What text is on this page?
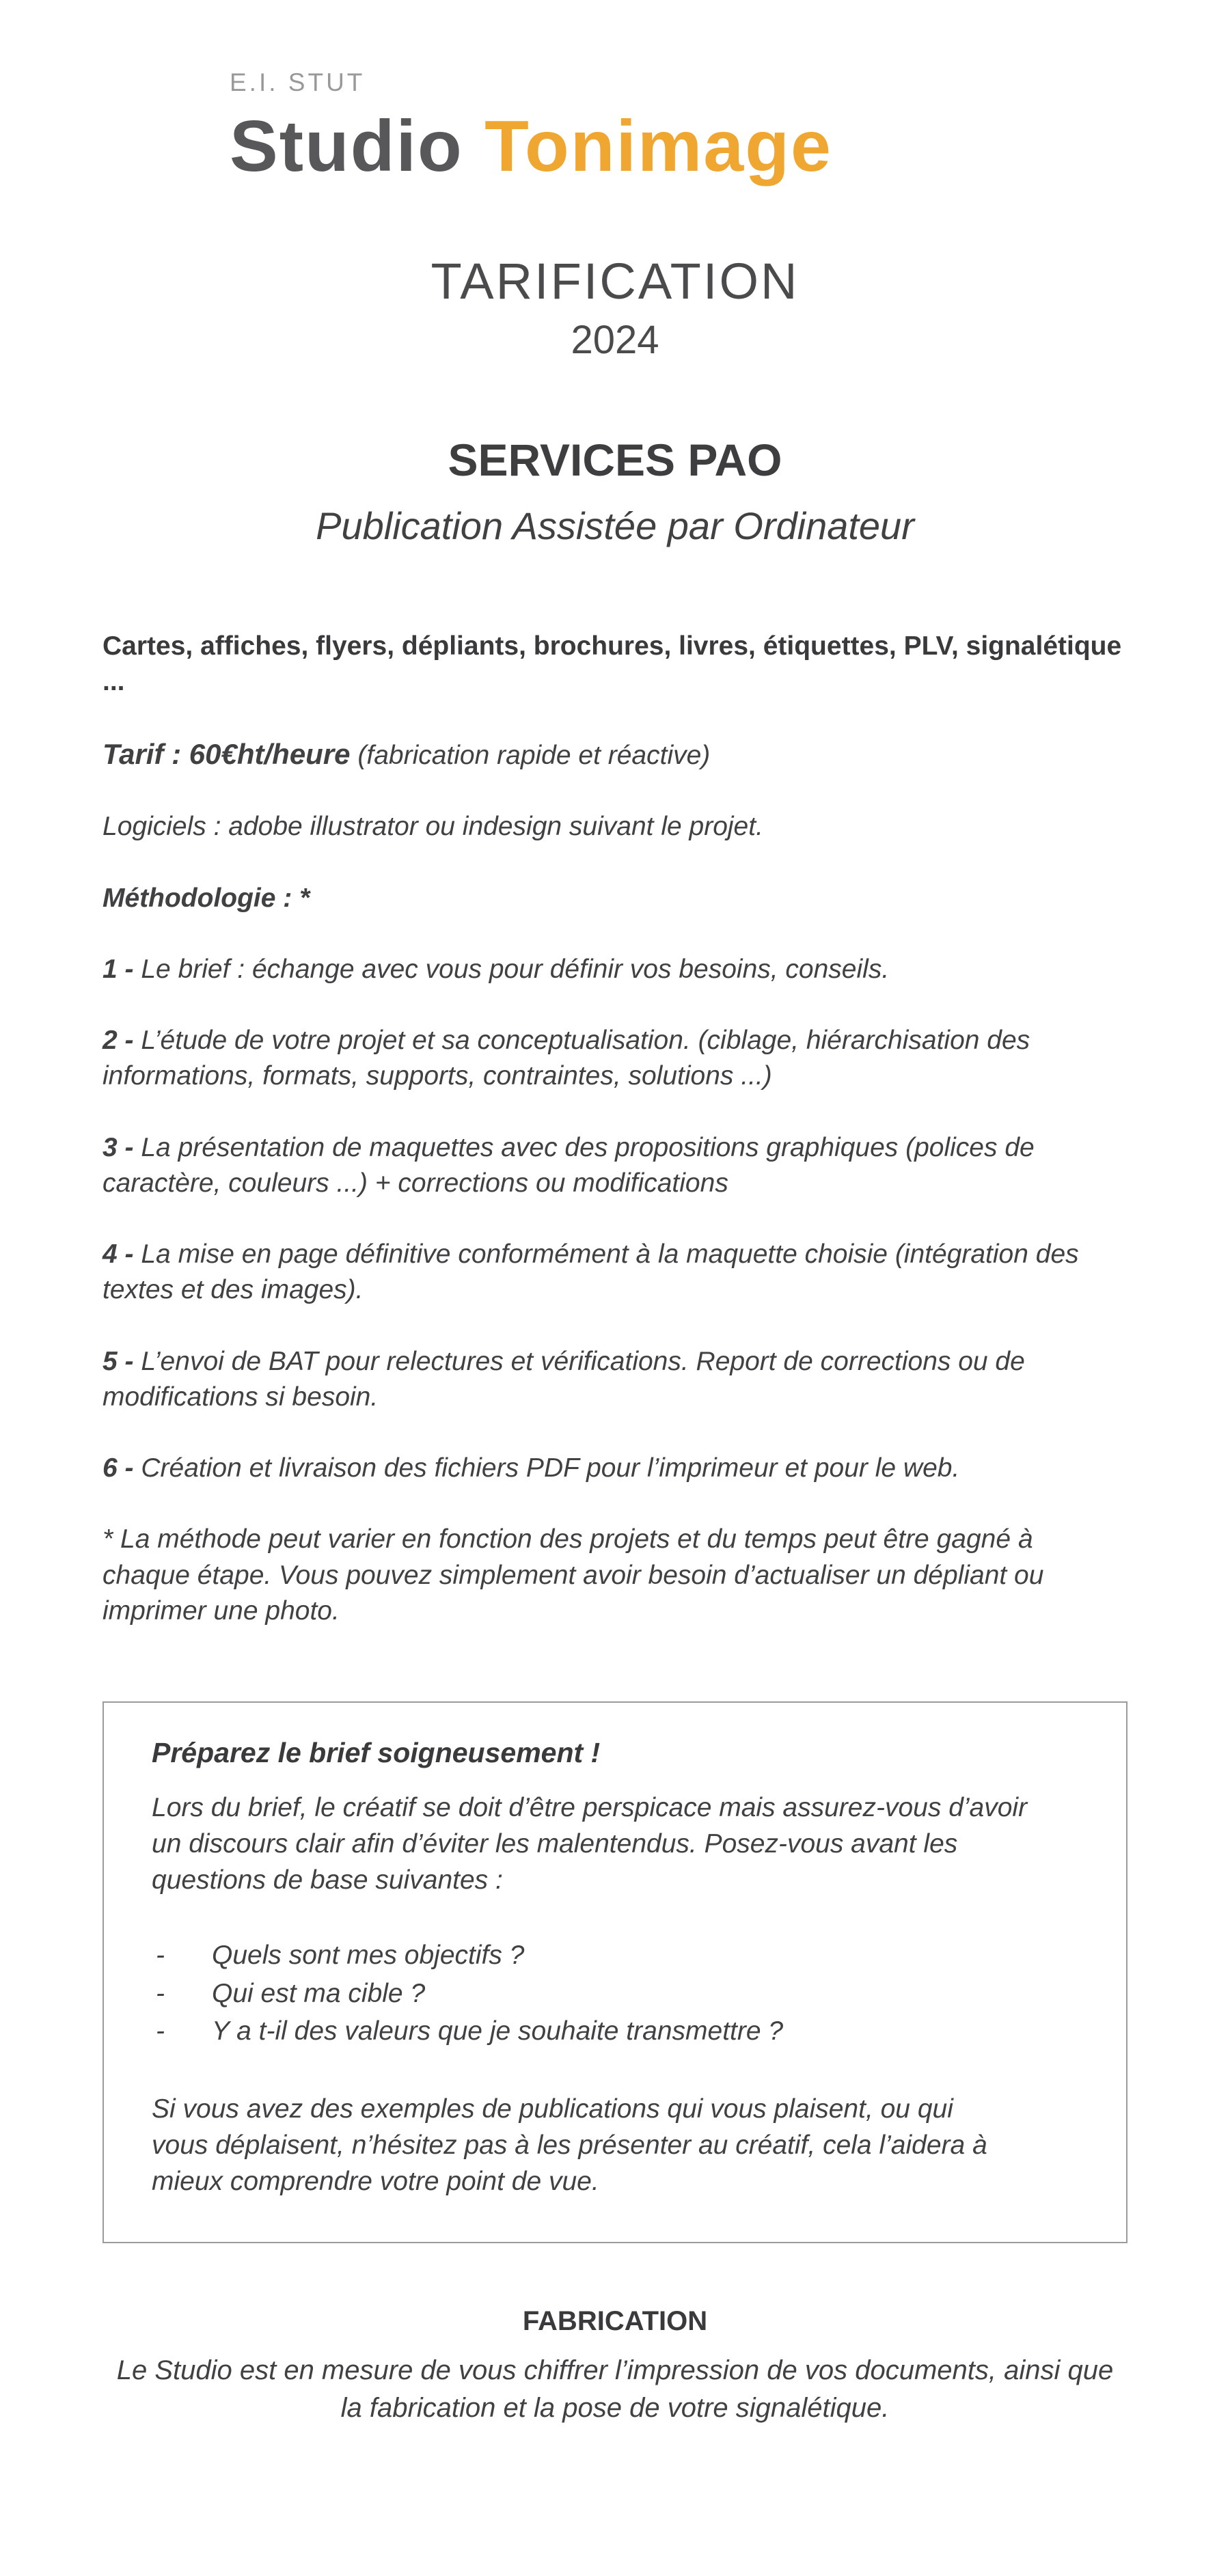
E.I. STUT
Studio Tonimage
TARIFICATION
2024
SERVICES PAO
Publication Assistée par Ordinateur

Cartes, affiches, flyers, dépliants, brochures, livres, étiquettes, PLV, signalétique ...

Tarif : 60€ht/heure (fabrication rapide et réactive)

Logiciels : adobe illustrator ou indesign suivant le projet.

Méthodologie : *

1 - Le brief : échange avec vous pour définir vos besoins, conseils.

2 - L’étude de votre projet et sa conceptualisation. (ciblage, hiérarchisation des informations, formats, supports, contraintes, solutions ...)

3 - La présentation de maquettes avec des propositions graphiques (polices de caractère, couleurs ...) + corrections ou modifications

4 - La mise en page définitive conformément à la maquette choisie (intégration des textes et des images).

5 - L’envoi de BAT pour relectures et vérifications. Report de corrections ou de modifications si besoin.

6 - Création et livraison des fichiers PDF pour l’imprimeur et pour le web.

* La méthode peut varier en fonction des projets et du temps peut être gagné à chaque étape. Vous pouvez simplement avoir besoin d’actualiser un dépliant ou imprimer une photo.

Préparez le brief soigneusement !

Lors du brief, le créatif se doit d’être perspicace mais assurez-vous d’avoir un discours clair afin d’éviter les malentendus. Posez-vous avant les questions de base suivantes :

-	Quels sont mes objectifs ?
-	Qui est ma cible ?
-	Y a t-il des valeurs que je souhaite transmettre ?

Si vous avez des exemples de publications qui vous plaisent, ou qui vous déplaisent, n’hésitez pas à les présenter au créatif, cela l’aidera à mieux comprendre votre point de vue.

FABRICATION
Le Studio est en mesure de vous chiffrer l’impression de vos documents, ainsi que la fabrication et la pose de votre signalétique.
